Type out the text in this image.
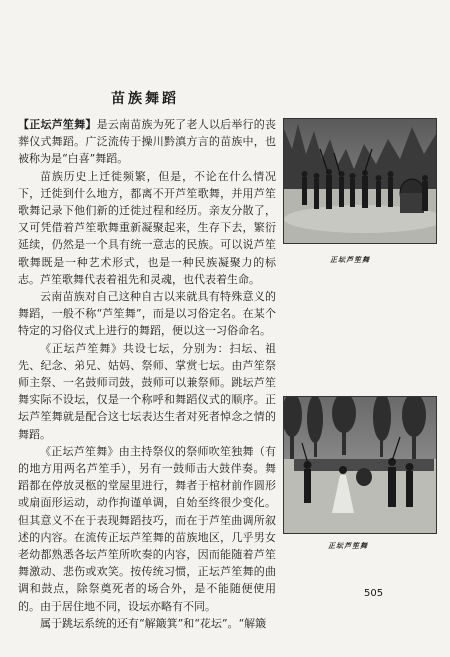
苗族舞蹈

【正坛芦笙舞】是云南苗族为死了老人以后举行的丧葬仪式舞蹈。广泛流传于操川黔滇方言的苗族中，也被称为是“白喜”舞蹈。

苗族历史上迁徙频繁，但是，不论在什么情况下，迁徙到什么地方，都离不开芦笙歌舞，并用芦笙歌舞记录下他们新的迁徙过程和经历。亲友分散了，又可凭借着芦笙歌舞重新凝聚起来，生存下去，繁衍延续，仍然是一个具有统一意志的民族。可以说芦笙歌舞既是一种艺术形式，也是一种民族凝聚力的标志。芦笙歌舞代表着祖先和灵魂，也代表着生命。

云南苗族对自己这种自古以来就具有特殊意义的舞蹈，一般不称“芦笙舞”，而是以习俗定名。在某个特定的习俗仪式上进行的舞蹈，便以这一习俗命名。

《正坛芦笙舞》共设七坛，分别为：扫坛、祖先、纪念、弟兄、姑妈、祭师、掌赏七坛。由芦笙祭师主祭、一名鼓师司鼓，鼓师可以兼祭师。跳坛芦笙舞实际不设坛，仅是一个称呼和舞蹈仪式的顺序。正坛芦笙舞就是配合这七坛表达生者对死者悼念之情的舞蹈。

《正坛芦笙舞》由主持祭仪的祭师吹笙独舞（有的地方用两名芦笙手），另有一鼓师击大鼓伴奏。舞蹈都在停放灵柩的堂屋里进行，舞者于棺材前作圆形或扇面形运动，动作拘谨单调，自始至终很少变化。但其意义不在于表现舞蹈技巧，而在于芦笙曲调所叙述的内容。在流传正坛芦笙舞的苗族地区，几乎男女老幼都熟悉各坛芦笙所吹奏的内容，因而能随着芦笙舞激动、悲伤或欢笑。按传统习惯，正坛芦笙舞的曲调和鼓点，除祭奠死者的场合外，是不能随便使用的。由于居住地不同，设坛亦略有不同。

属于跳坛系统的还有“解簸箕”和“花坛”。“解簸

正坛芦笙舞
正坛芦笙舞
505
